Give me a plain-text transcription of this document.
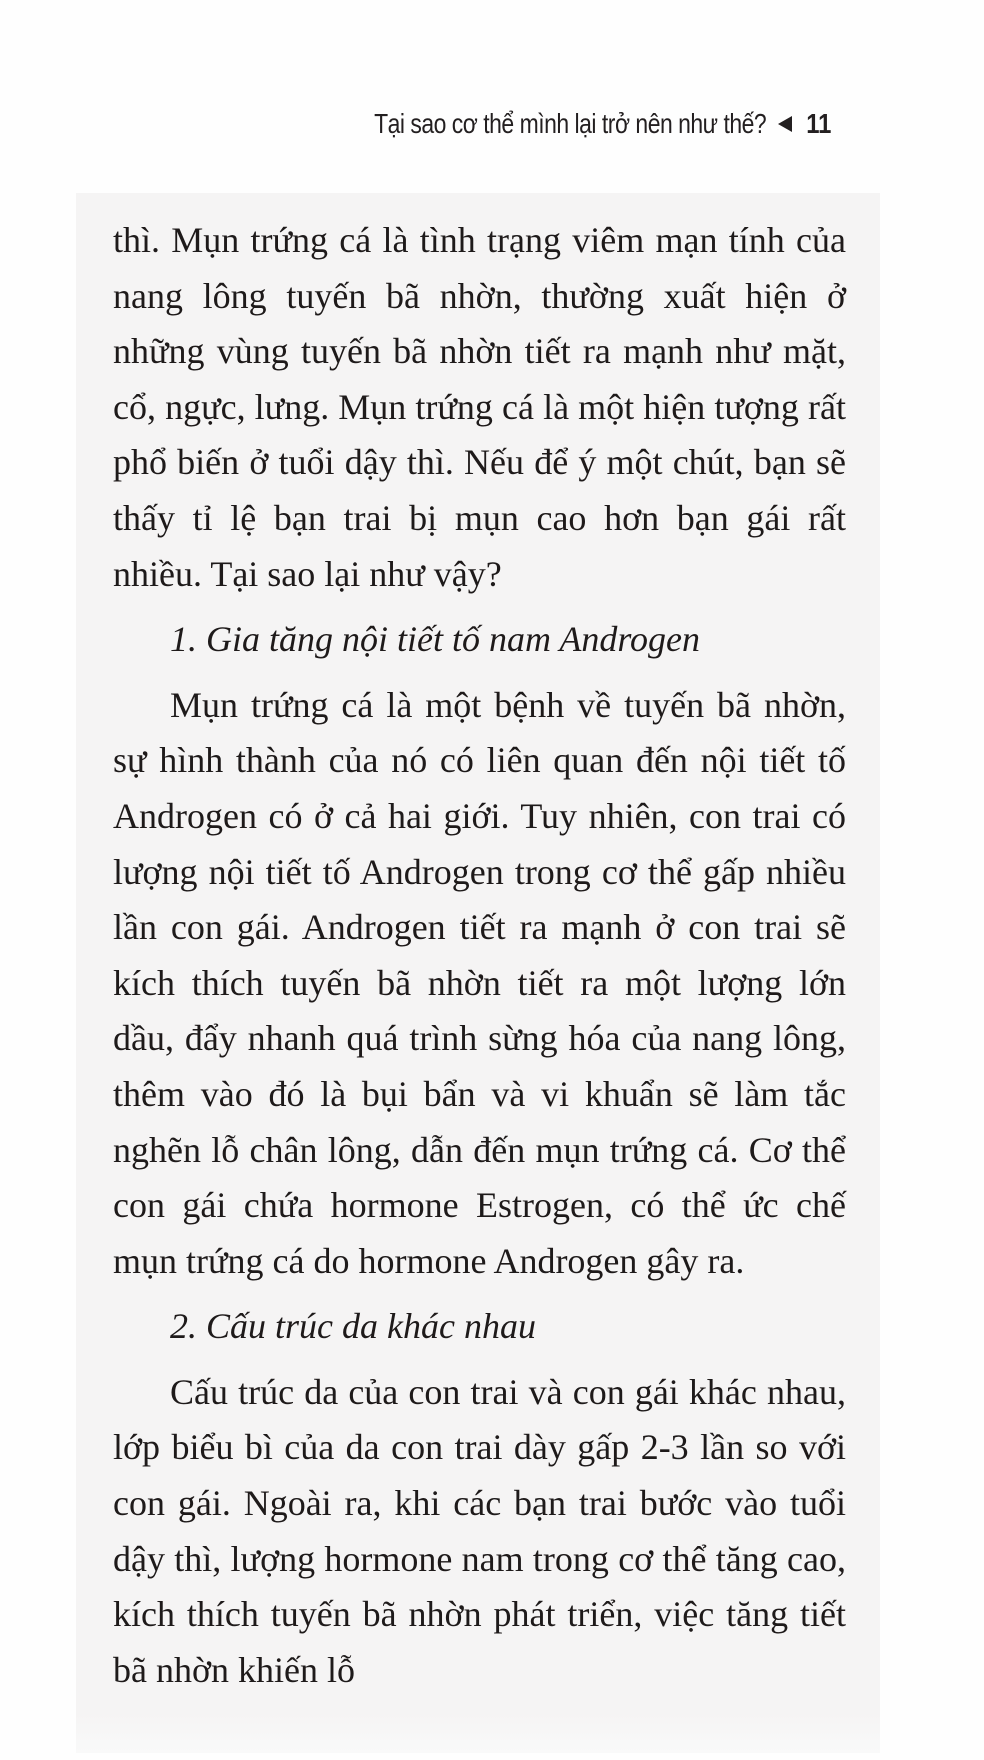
Tại sao cơ thể mình lại trở nên như thế? 11

thì. Mụn trứng cá là tình trạng viêm mạn tính của nang lông tuyến bã nhờn, thường xuất hiện ở những vùng tuyến bã nhờn tiết ra mạnh như mặt, cổ, ngực, lưng. Mụn trứng cá là một hiện tượng rất phổ biến ở tuổi dậy thì. Nếu để ý một chút, bạn sẽ thấy tỉ lệ bạn trai bị mụn cao hơn bạn gái rất nhiều. Tại sao lại như vậy?

1. Gia tăng nội tiết tố nam Androgen

Mụn trứng cá là một bệnh về tuyến bã nhờn, sự hình thành của nó có liên quan đến nội tiết tố Androgen có ở cả hai giới. Tuy nhiên, con trai có lượng nội tiết tố Androgen trong cơ thể gấp nhiều lần con gái. Androgen tiết ra mạnh ở con trai sẽ kích thích tuyến bã nhờn tiết ra một lượng lớn dầu, đẩy nhanh quá trình sừng hóa của nang lông, thêm vào đó là bụi bẩn và vi khuẩn sẽ làm tắc nghẽn lỗ chân lông, dẫn đến mụn trứng cá. Cơ thể con gái chứa hormone Estrogen, có thể ức chế mụn trứng cá do hormone Androgen gây ra.

2. Cấu trúc da khác nhau

Cấu trúc da của con trai và con gái khác nhau, lớp biểu bì của da con trai dày gấp 2-3 lần so với con gái. Ngoài ra, khi các bạn trai bước vào tuổi dậy thì, lượng hormone nam trong cơ thể tăng cao, kích thích tuyến bã nhờn phát triển, việc tăng tiết bã nhờn khiến lỗ
